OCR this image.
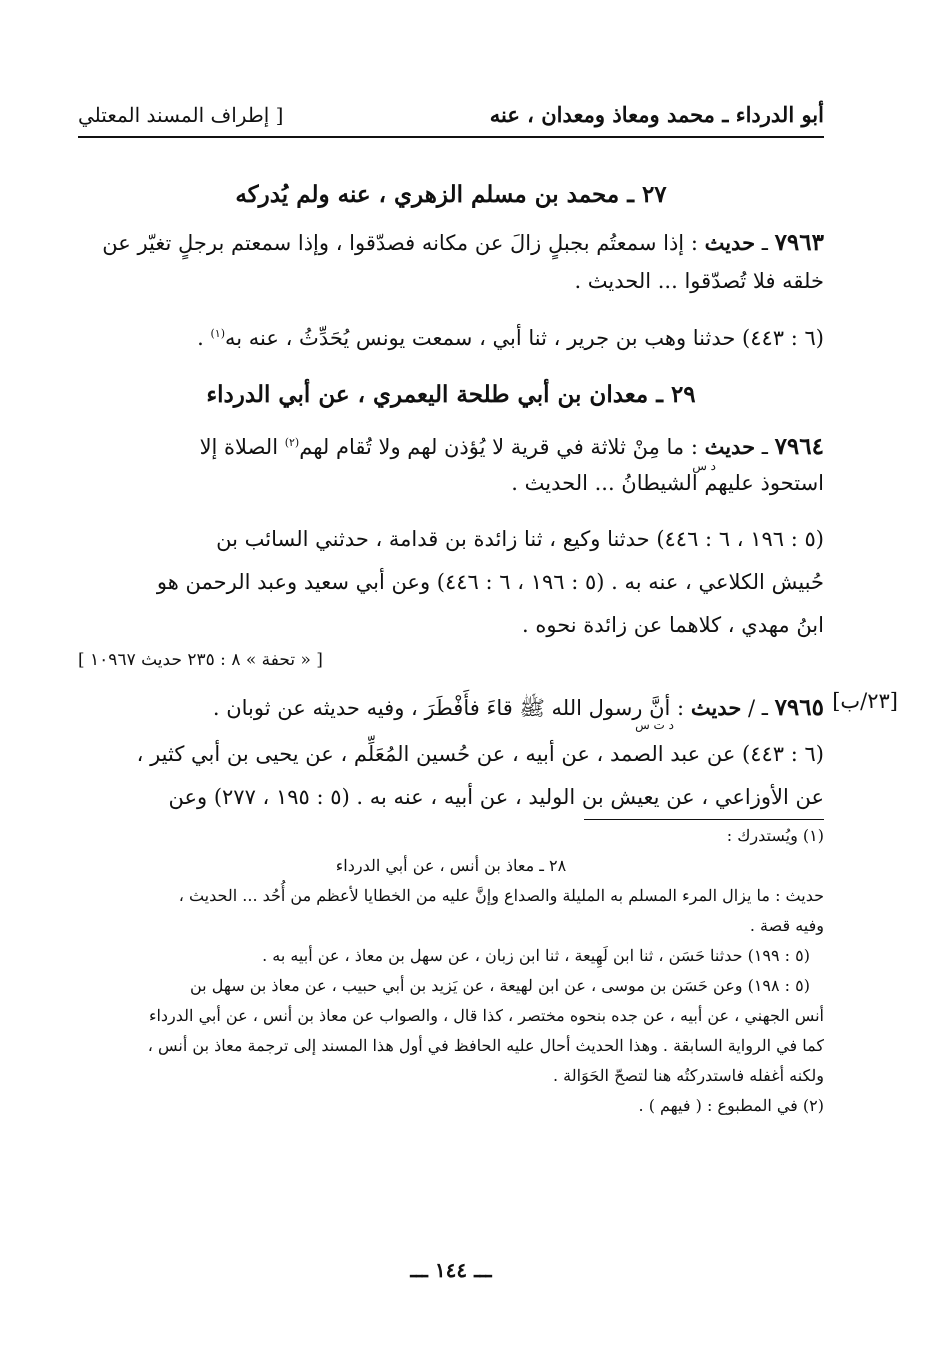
أبو الدرداء ـ محمد ومعاذ ومعدان ، عنه
[ إطراف المسند المعتلي

٢٧ ـ محمد بن مسلم الزهري ، عنه ولم يُدركه

٧٩٦٣ ـ حديث : إذا سمعتُم بجبلٍ زالَ عن مكانه فصدّقوا ، وإذا سمعتم برجلٍ تغيّر عن
خلقه فلا تُصدّقوا ... الحديث .

(٦ : ٤٤٣) حدثنا وهب بن جرير ، ثنا أبي ، سمعت يونس يُحَدِّثُ ، عنه به$^{(١)}$ .

٢٩ ـ معدان بن أبي طلحة اليعمري ، عن أبي الدرداء

٧٩٦٤ ـ حديث : ما مِنْ ثلاثة في قرية لا يُؤذن لهم ولا تُقام لهم$^{(٢)}$ الصلاة إلا

د س

استحوذ عليهم الشيطانُ ... الحديث .

(٥ : ١٩٦ ، ٦ : ٤٤٦) حدثنا وكيع ، ثنا زائدة بن قدامة ، حدثني السائب بن
حُبيش الكلاعي ، عنه به . (٥ : ١٩٦ ، ٦ : ٤٤٦) وعن أبي سعيد وعبد الرحمن هو
ابنُ مهدي ، كلاهما عن زائدة نحوه .

[ « تحفة » ٨ : ٢٣٥ حديث ١٠٩٦٧ ]

[٢٣/ب]

٧٩٦٥ ـ / حديث : أنَّ رسول الله ﷺ قاءَ فأَفْطَرَ ، وفيه حديثه عن ثوبان .

د ت س

(٦ : ٤٤٣) عن عبد الصمد ، عن أبيه ، عن حُسين المُعَلِّم ، عن يحيى بن أبي كثير ،
عن الأوزاعي ، عن يعيش بن الوليد ، عن أبيه ، عنه به . (٥ : ١٩٥ ، ٢٧٧) وعن

(١) ويُستدرك :

٢٨ ـ معاذ بن أنس ، عن أبي الدرداء

حديث : ما يزال المرء المسلم به المليلة والصداع وإنَّ عليه من الخطايا لأعظم من أُحُد ... الحديث ،

وفيه قصة .

(٥ : ١٩٩) حدثنا حَسَن ، ثنا ابن لَهِيعة ، ثنا ابن زبان ، عن سهل بن معاذ ، عن أبيه به .

(٥ : ١٩٨) وعن حَسَن بن موسى ، عن ابن لهيعة ، عن يَزيد بن أبي حبيب ، عن معاذ بن سهل بن

أنس الجهني ، عن أبيه ، عن جده بنحوه مختصر ، كذا قال ، والصواب عن معاذ بن أنس ، عن أبي الدرداء

كما في الرواية السابقة . وهذا الحديث أحال عليه الحافظ في أول هذا المسند إلى ترجمة معاذ بن أنس ،

ولكنه أغفله فاستدركتُه هنا لتصحّ الحَوَالة .

(٢) في المطبوع : ( فيهم ) .

ـــ ١٤٤ ـــ
